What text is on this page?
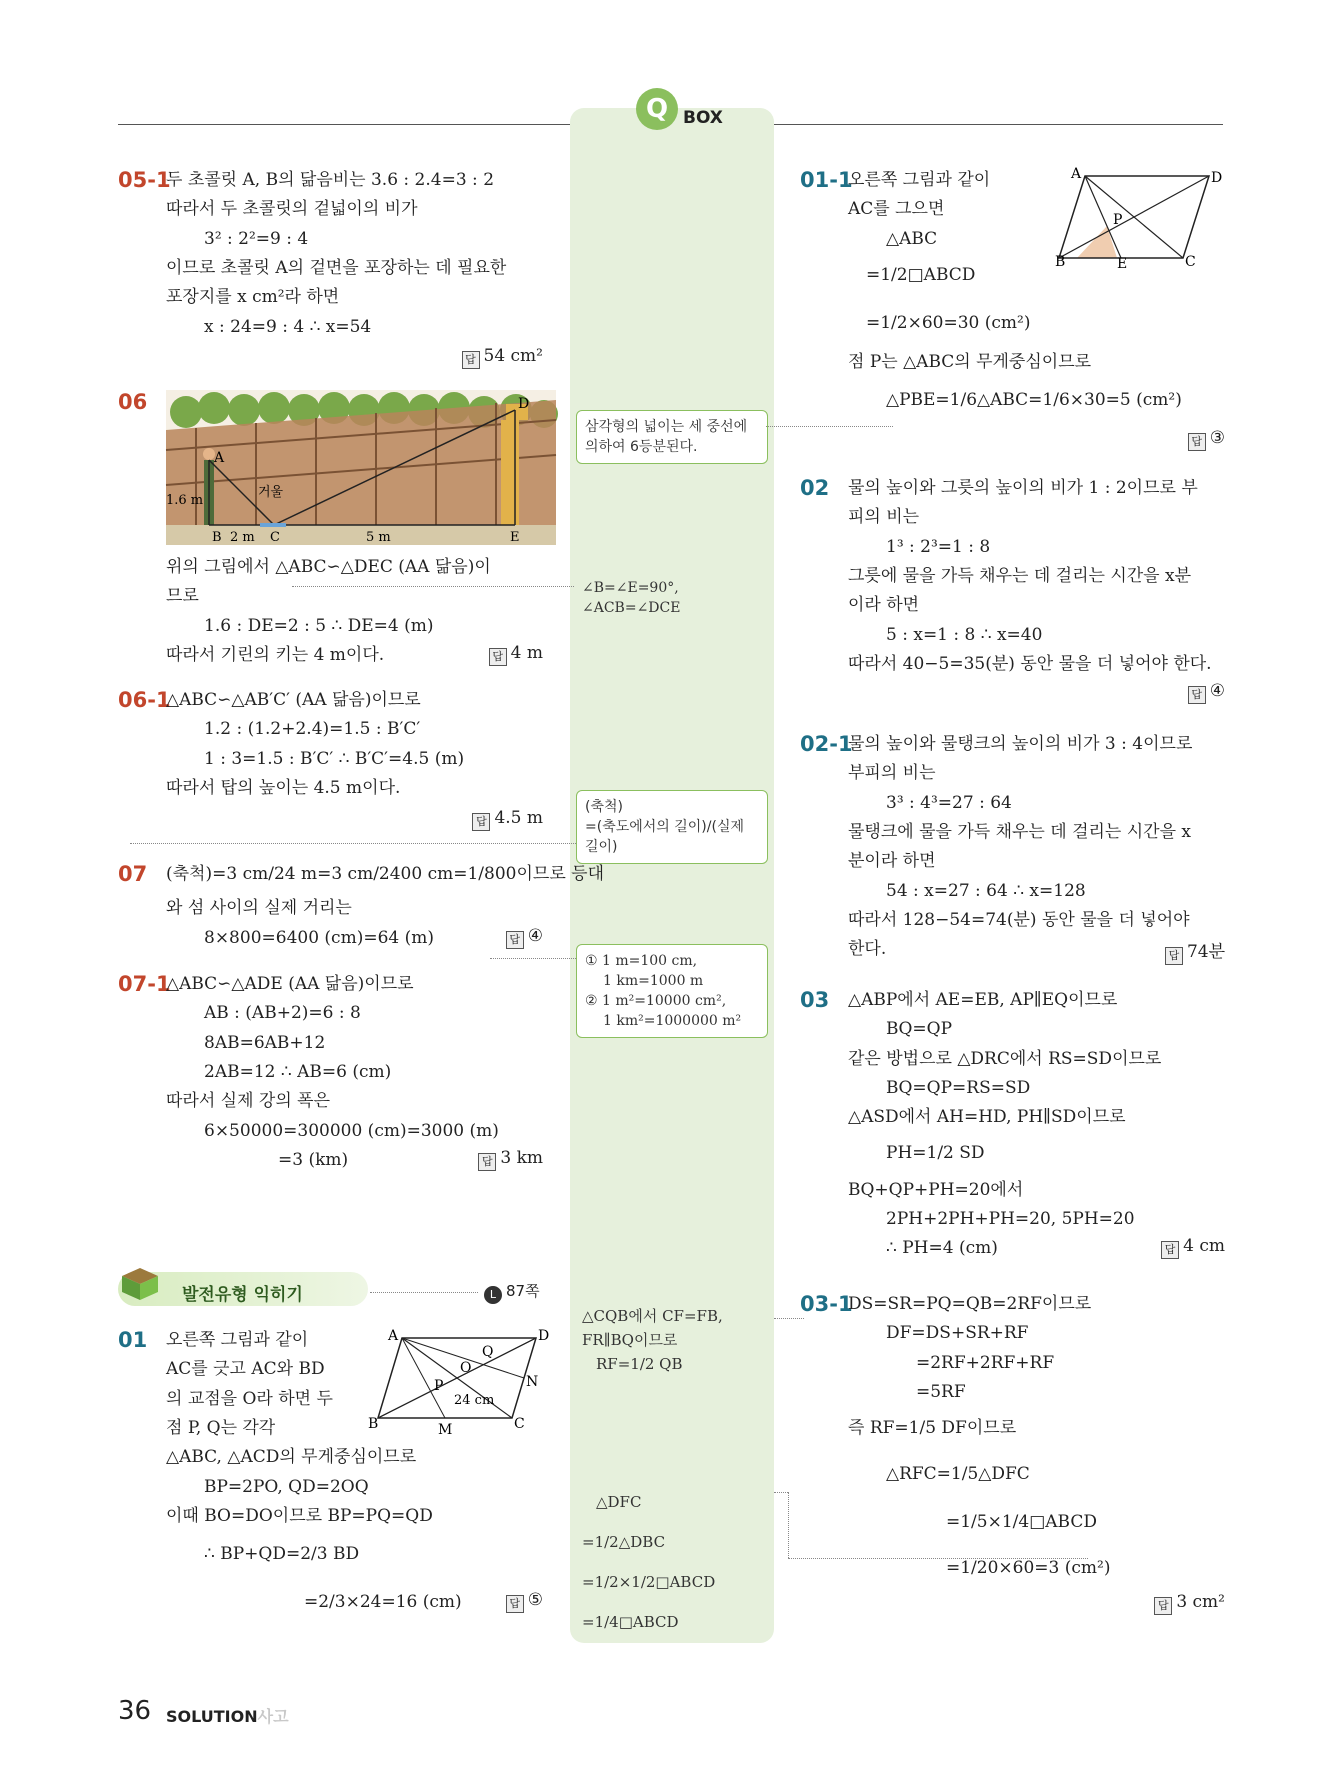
Q BOX
05-1
두 초콜릿 A, B의 닮음비는 3.6 : 2.4=3 : 2
따라서 두 초콜릿의 겉넓이의 비가
3² : 2²=9 : 4
이므로 초콜릿 A의 겉면을 포장하는 데 필요한
포장지를 x cm²라 하면
x : 24=9 : 4 ∴ x=54
답 54 cm²
06	D
A
1.6 m
거울
B 2 m C	5 m	E
위의 그림에서 △ABC∽△DEC (AA 닮음)이
므로
1.6 : DE=2 : 5 ∴ DE=4 (m)
따라서 기린의 키는 4 m이다.	답 4 m
06-1
△ABC∽△AB′C′ (AA 닮음)이므로
1.2 : (1.2+2.4)=1.5 : B′C′
1 : 3=1.5 : B′C′ ∴ B′C′=4.5 (m)
따라서 탑의 높이는 4.5 m이다.
답 4.5 m
07 (축척)=3 cm/24 m=3 cm/2400 cm=1/800이므로 등대
와 섬 사이의 실제 거리는
8×800=6400 (cm)=64 (m)	답 ④
07-1
△ABC∽△ADE (AA 닮음)이므로
AB : (AB+2)=6 : 8
8AB=6AB+12
2AB=12 ∴ AB=6 (cm)
따라서 실제 강의 폭은
6×50000=300000 (cm)=3000 (m)
=3 (km)	답 3 km
발전유형 익히기	L 87쪽
01 오른쪽 그림과 같이
AC를 긋고 AC와 BD
의 교점을 O라 하면 두
점 P, Q는 각각
A	D
Q
O
P
24 cm
N
B	M	C
△ABC, △ACD의 무게중심이므로
BP=2PO, QD=2OQ
이때 BO=DO이므로 BP=PQ=QD
∴ BP+QD=2/3 BD
=2/3×24=16 (cm)	답 ⑤
삼각형의 넓이는 세 중선에 의하여 6등분된다.
∠B=∠E=90°,
∠ACB=∠DCE
(축척)
=(축도에서의 길이)/(실제 길이)
① 1 m=100 cm,
1 km=1000 m
② 1 m²=10000 cm²,
1 km²=1000000 m²
△CQB에서 CF=FB,
FR∥BQ이므로
RF=1/2 QB
△DFC
=1/2△DBC
=1/2×1/2□ABCD
=1/4□ABCD
01-1
오른쪽 그림과 같이
AC를 그으면
△ABC
=1/2□ABCD
=1/2×60=30 (cm²)
점 P는 △ABC의 무게중심이므로
△PBE=1/6△ABC=1/6×30=5 (cm²)
답 ③
A	D
P
B	E	C
02 물의 높이와 그릇의 높이의 비가 1 : 2이므로 부
피의 비는
1³ : 2³=1 : 8
그릇에 물을 가득 채우는 데 걸리는 시간을 x분
이라 하면
5 : x=1 : 8 ∴ x=40
따라서 40−5=35(분) 동안 물을 더 넣어야 한다.
답 ④
02-1
물의 높이와 물탱크의 높이의 비가 3 : 4이므로
부피의 비는
3³ : 4³=27 : 64
물탱크에 물을 가득 채우는 데 걸리는 시간을 x
분이라 하면
54 : x=27 : 64 ∴ x=128
따라서 128−54=74(분) 동안 물을 더 넣어야
한다.	답 74분
03 △ABP에서 AE=EB, AP∥EQ이므로
BQ=QP
같은 방법으로 △DRC에서 RS=SD이므로
BQ=QP=RS=SD
△ASD에서 AH=HD, PH∥SD이므로
PH=1/2 SD
BQ+QP+PH=20에서
2PH+2PH+PH=20, 5PH=20
∴ PH=4 (cm)	답 4 cm
03-1
DS=SR=PQ=QB=2RF이므로
DF=DS+SR+RF
=2RF+2RF+RF
=5RF
즉 RF=1/5 DF이므로
△RFC=1/5△DFC
=1/5×1/4□ABCD
=1/20×60=3 (cm²)
답 3 cm²
36 SOLUTION사고
